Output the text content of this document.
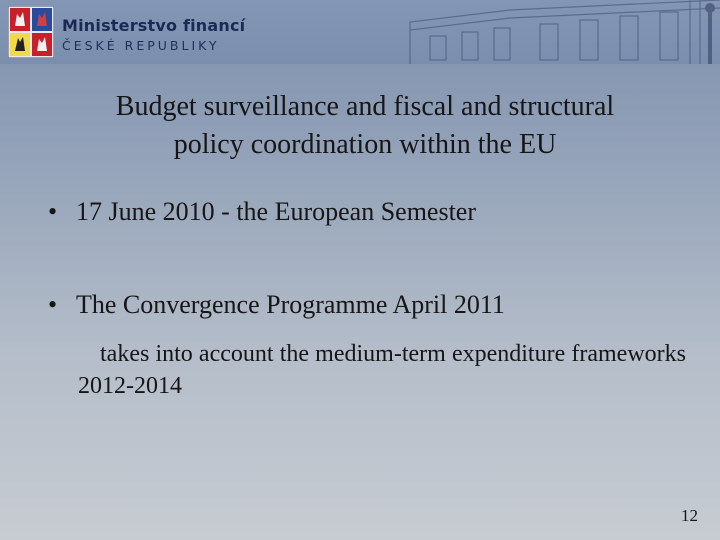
Ministerstvo financí
ČESKÉ REPUBLIKY
Budget surveillance and fiscal and structural
policy coordination within the EU
• 17 June 2010 - the European Semester
• The Convergence Programme April 2011
takes into account the medium-term expenditure frameworks 2012-2014
12
